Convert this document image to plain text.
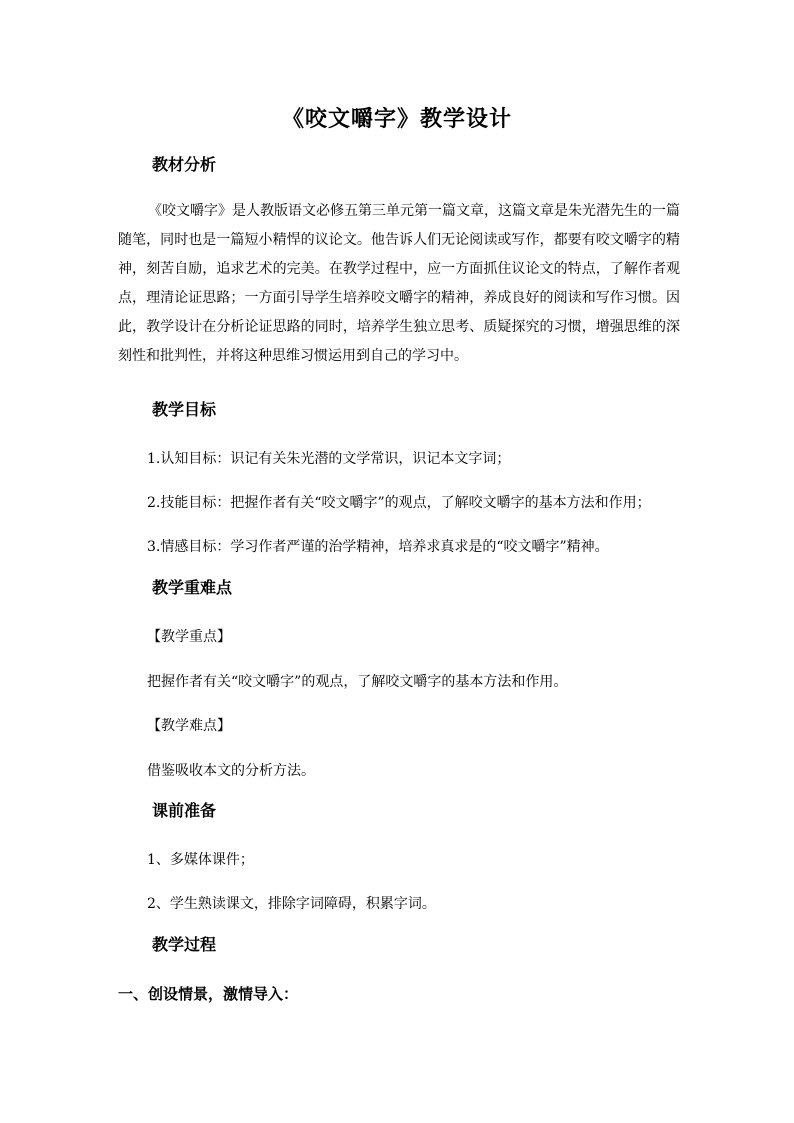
《咬文嚼字》教学设计
教材分析
《咬文嚼字》是人教版语文必修五第三单元第一篇文章，这篇文章是朱光潜先生的一篇随笔，同时也是一篇短小精悍的议论文。他告诉人们无论阅读或写作，都要有咬文嚼字的精神，刻苦自励，追求艺术的完美。在教学过程中，应一方面抓住议论文的特点，了解作者观点，理清论证思路；一方面引导学生培养咬文嚼字的精神，养成良好的阅读和写作习惯。因此，教学设计在分析论证思路的同时，培养学生独立思考、质疑探究的习惯，增强思维的深刻性和批判性，并将这种思维习惯运用到自己的学习中。
教学目标
1.认知目标：识记有关朱光潜的文学常识，识记本文字词；
2.技能目标：把握作者有关“咬文嚼字”的观点，了解咬文嚼字的基本方法和作用；
3.情感目标：学习作者严谨的治学精神，培养求真求是的“咬文嚼字”精神。
教学重难点
【教学重点】
把握作者有关“咬文嚼字”的观点，了解咬文嚼字的基本方法和作用。
【教学难点】
借鉴吸收本文的分析方法。
课前准备
1、多媒体课件；
2、学生熟读课文，排除字词障碍，积累字词。
教学过程
一、创设情景，激情导入：
